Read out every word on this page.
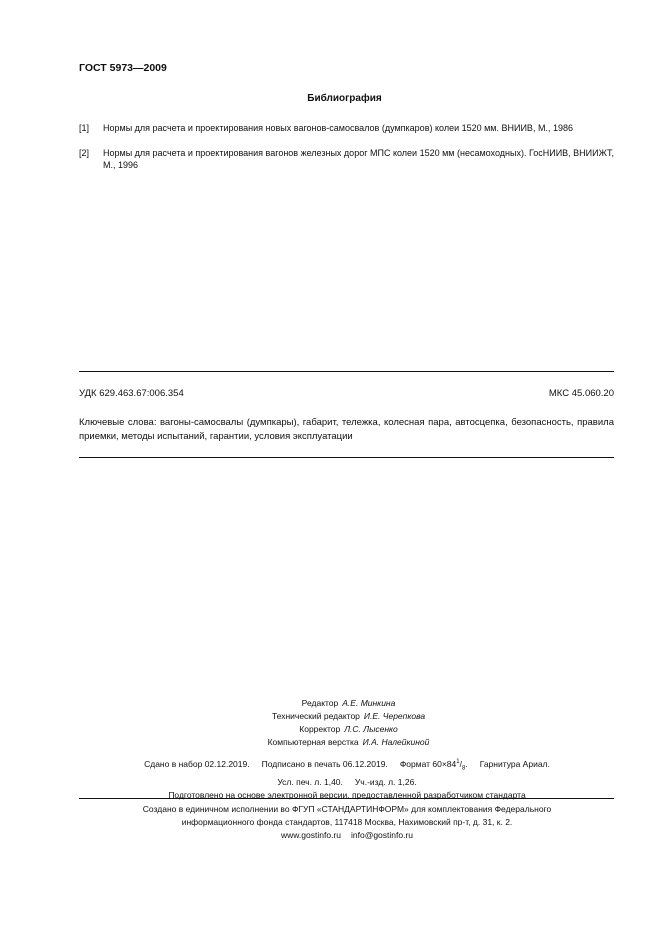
ГОСТ 5973—2009
Библиография
[1]	Нормы для расчета и проектирования новых вагонов-самосвалов (думпкаров) колеи 1520 мм. ВНИИВ, М., 1986
[2]	Нормы для расчета и проектирования вагонов железных дорог МПС колеи 1520 мм (несамоходных). ГосНИИВ, ВНИИЖТ, М., 1996
УДК 629.463.67:006.354	МКС 45.060.20
Ключевые слова: вагоны-самосвалы (думпкары), габарит, тележка, колесная пара, автосцепка, безопасность, правила приемки, методы испытаний, гарантии, условия эксплуатации
Редактор А.Е. Минкина
Технический редактор И.Е. Черепкова
Корректор Л.С. Лысенко
Компьютерная верстка И.А. Налейкиной
Сдано в набор 02.12.2019. Подписано в печать 06.12.2019. Формат $60\times 84^1/_8$. Гарнитура Ариал.
Усл. печ. л. 1,40. Уч.-изд. л. 1,26.
Подготовлено на основе электронной версии, предоставленной разработчиком стандарта
Создано в единичном исполнении во ФГУП «СТАНДАРТИНФОРМ» для комплектования Федерального
информационного фонда стандартов, 117418 Москва, Нахимовский пр-т, д. 31, к. 2.
www.gostinfo.ru info@gostinfo.ru
